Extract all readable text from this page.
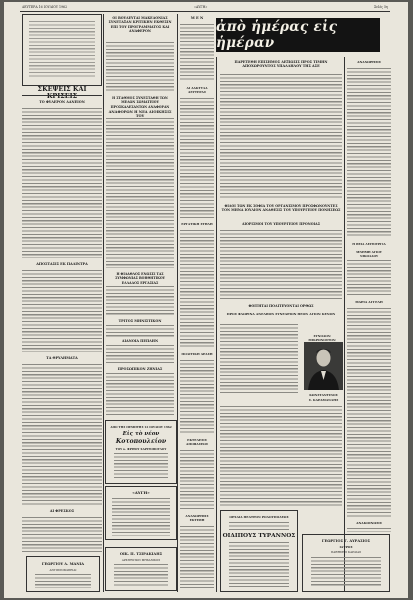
ΔΕΥΤΕΡΑ 16 ΙΟΥΛΙΟΥ 1962	«ΑΥΓΗ»	Σελίς 5η
ΣΚΕΨΕΙΣ ΚΑΙ ΚΡΙΣΕΙΣ
ΤΟ ΦΥΛΕΡΟΝ ΔΑΝΕΙΟΝ
ΑΠΟΣΤΑΣΙΣ ΕΚ ΠΑΛΙΝΤΡΑ
ΤΑ ΘΡΥΛΗΜΑΤΑ
ΑΙ ΦΡΕΣΚΟΣ
ΓΕΩΡΓΙΟΥ Δ. ΜΑΝΙΑ
ΑΝΤΙΠΡΟΣΩΠΕΙΑΙ
ΟΙ ΒΟΥΛΕΥΤΑΙ ΜΑΚΕΔΟΝΙΑΣ ΣΥΝΕΤΑΞΑΝ ΚΡΙΤΙΚΗΝ ΕΚΘΕΣΙΝ ΕΠΙ ΤΟΥ ΠΡΟΓΡΑΜΜΑΤΟΣ ΚΑΙ ΑΝΑΦΕΡΟΝ
Η ΣΤΑΘΜΟΣ ΣΥΝΕΣΤΑΘΗ ΤΩΝ ΜΕΛΩΝ ΣΩΜΑΤΕΙΟΥ ΠΡΟΣΚΑΛΕΣΑΝΤΩΝ ΑΝΑΦΟΡΑΝ
ΑΝΑΦΟΡΩΝ Η ΝΕΑ ΔΙΟΙΚΗΣΙΣ ΤΟΥ
Η ΦΙΛΑΘΛΟΣ ΕΝΩΣΙΣ ΤΑΣ ΣΥΜΦΩΝΙΑΣ ΒΟΗΘΗΤΙΚΟΥ ΕΛΛΑΔΟΣ ΕΡΓΑΣΙΑΣ
ΤΡΙΤΟΣ ΜΗΝΙΣΤΙΚΟΝ
ΔΙΑΝΟΙΑ ΠΕΠΛΗΝ
ΠΡΟΣΩΠΙΚΟΝ ΖΗΝΙΑΣ
ΑΠΟ ΤΗΣ ΠΕΜΠΤΗΣ 12 ΙΟΥΛΙΟΥ 1962
Εἰς τὸ νέον
Κοτοπουλείον
ΤΟΥ κ. ΦΡΙΞΟΥ ΧΑΡΙΤΟΠΟΥΛΟΥ
«ΑΥΓΗ»
ΟΙΚ. Π. ΤΣΙΡΑΚΙΔΗΣ
ΑΡΧΙΤΕΚΤΩΝ ΜΗΧΑΝΙΚΟΣ
Μ Ε Ν
ΑΙ ΔΑΚΤΥΛΑ ΔΕΥΤΕΡΑΣ
ΕΡΓΑΤΙΚΗ ΣΤΗΛΗ
ΠΟΛΙΤΙΚΗ ΔΡΑΣΗ
ΕΚΤΕΛΕΣΙΣ ΑΠΟΦΑΣΕΩΣ
ΑΝΑΧΩΡΗΣΙΣ ΕΚΤΕΘΗ
ἀπὸ ἡμέρας εἰς ἡμέραν
ΠΑΡΕΤΕΘΗ ΕΠΙΣΗΜΟΣ ΔΕΞΙΩΣΙΣ ΠΡΟΣ ΤΙΜΗΝ ΑΠΟΧΩΡΟΥΝΤΟΣ ΥΠΑΛΛΗΛΟΥ ΤΗΣ ΑΣΕ
ΦΙΛΟΙ ΤΩΝ ΕΚ ΣΟΦΙΑ ΤΟΥ ΟΡΓΑΝΙΣΜΟΥ ΠΡΟΣΦΩΝΟΥΝΤΕΣ ΤΟΝ ΜΗΝΑ ΙΟΥΛΙΟΝ ΑΝΑΘΕΣΙΣ ΤΟΥ ΥΠΟΥΡΓΕΙΟΥ ΠΟΝΗΣΕΩΣ
ΔΙΟΡΙΣΜΟΙ ΤΟΥ ΥΠΟΥΡΓΕΙΟΥ ΠΡΟΝΟΙΑΣ
ΦΟΙΤΗΤΑΙ ΠΟΛΙΤΕΥΟΝΤΑΙ ΟΡΘΩΣ
ΠΡΟΣ ΦΛΩΡΙΝΑ ΑΝΕΛΘΟΝ ΣΥΝΕΔΡΙΟΝ ΘΕΟΝ ΑΓΙΟΝ ΚΕΝΟΝ
ΣΥΝΟΔΟΝ ΜΙΚΡΟΝΟΣΤΟΝ
ΚΩΝΣΤΑΝΤΙΝΟΣ
Σ. ΚΑΡΑΜΑΝΛΗΣ
ΟΡΧΑΙΑ ΘΕΑΤΡΟΝ ΡΟΔΟΥΠΟΛΕΩΣ
ΟΙΔΙΠΟΥΣ ΤΥΡΑΝΝΟΣ
ΓΕΩΡΓΙΟΣ Γ. ΑΥΡΑΣΙΟΣ
ΙΑΤΡΟΣ
ΠΑΘΗΣΕΙΣ ΚΑΡΔΙΑΣ
ΑΝΑΧΩΡΗΣΙΣ
Η ΘΕΙΑ ΛΕΙΤΟΥΡΓΙΑ
ΜΝΗΜΗ ΑΓΙΟΥ ΝΙΚΟΛΑΟΥ
ΜΑΡΙΑ ΑΓΓΕΛΗ
ΑΝΑΚΟΙΝΩΣΙΣ
